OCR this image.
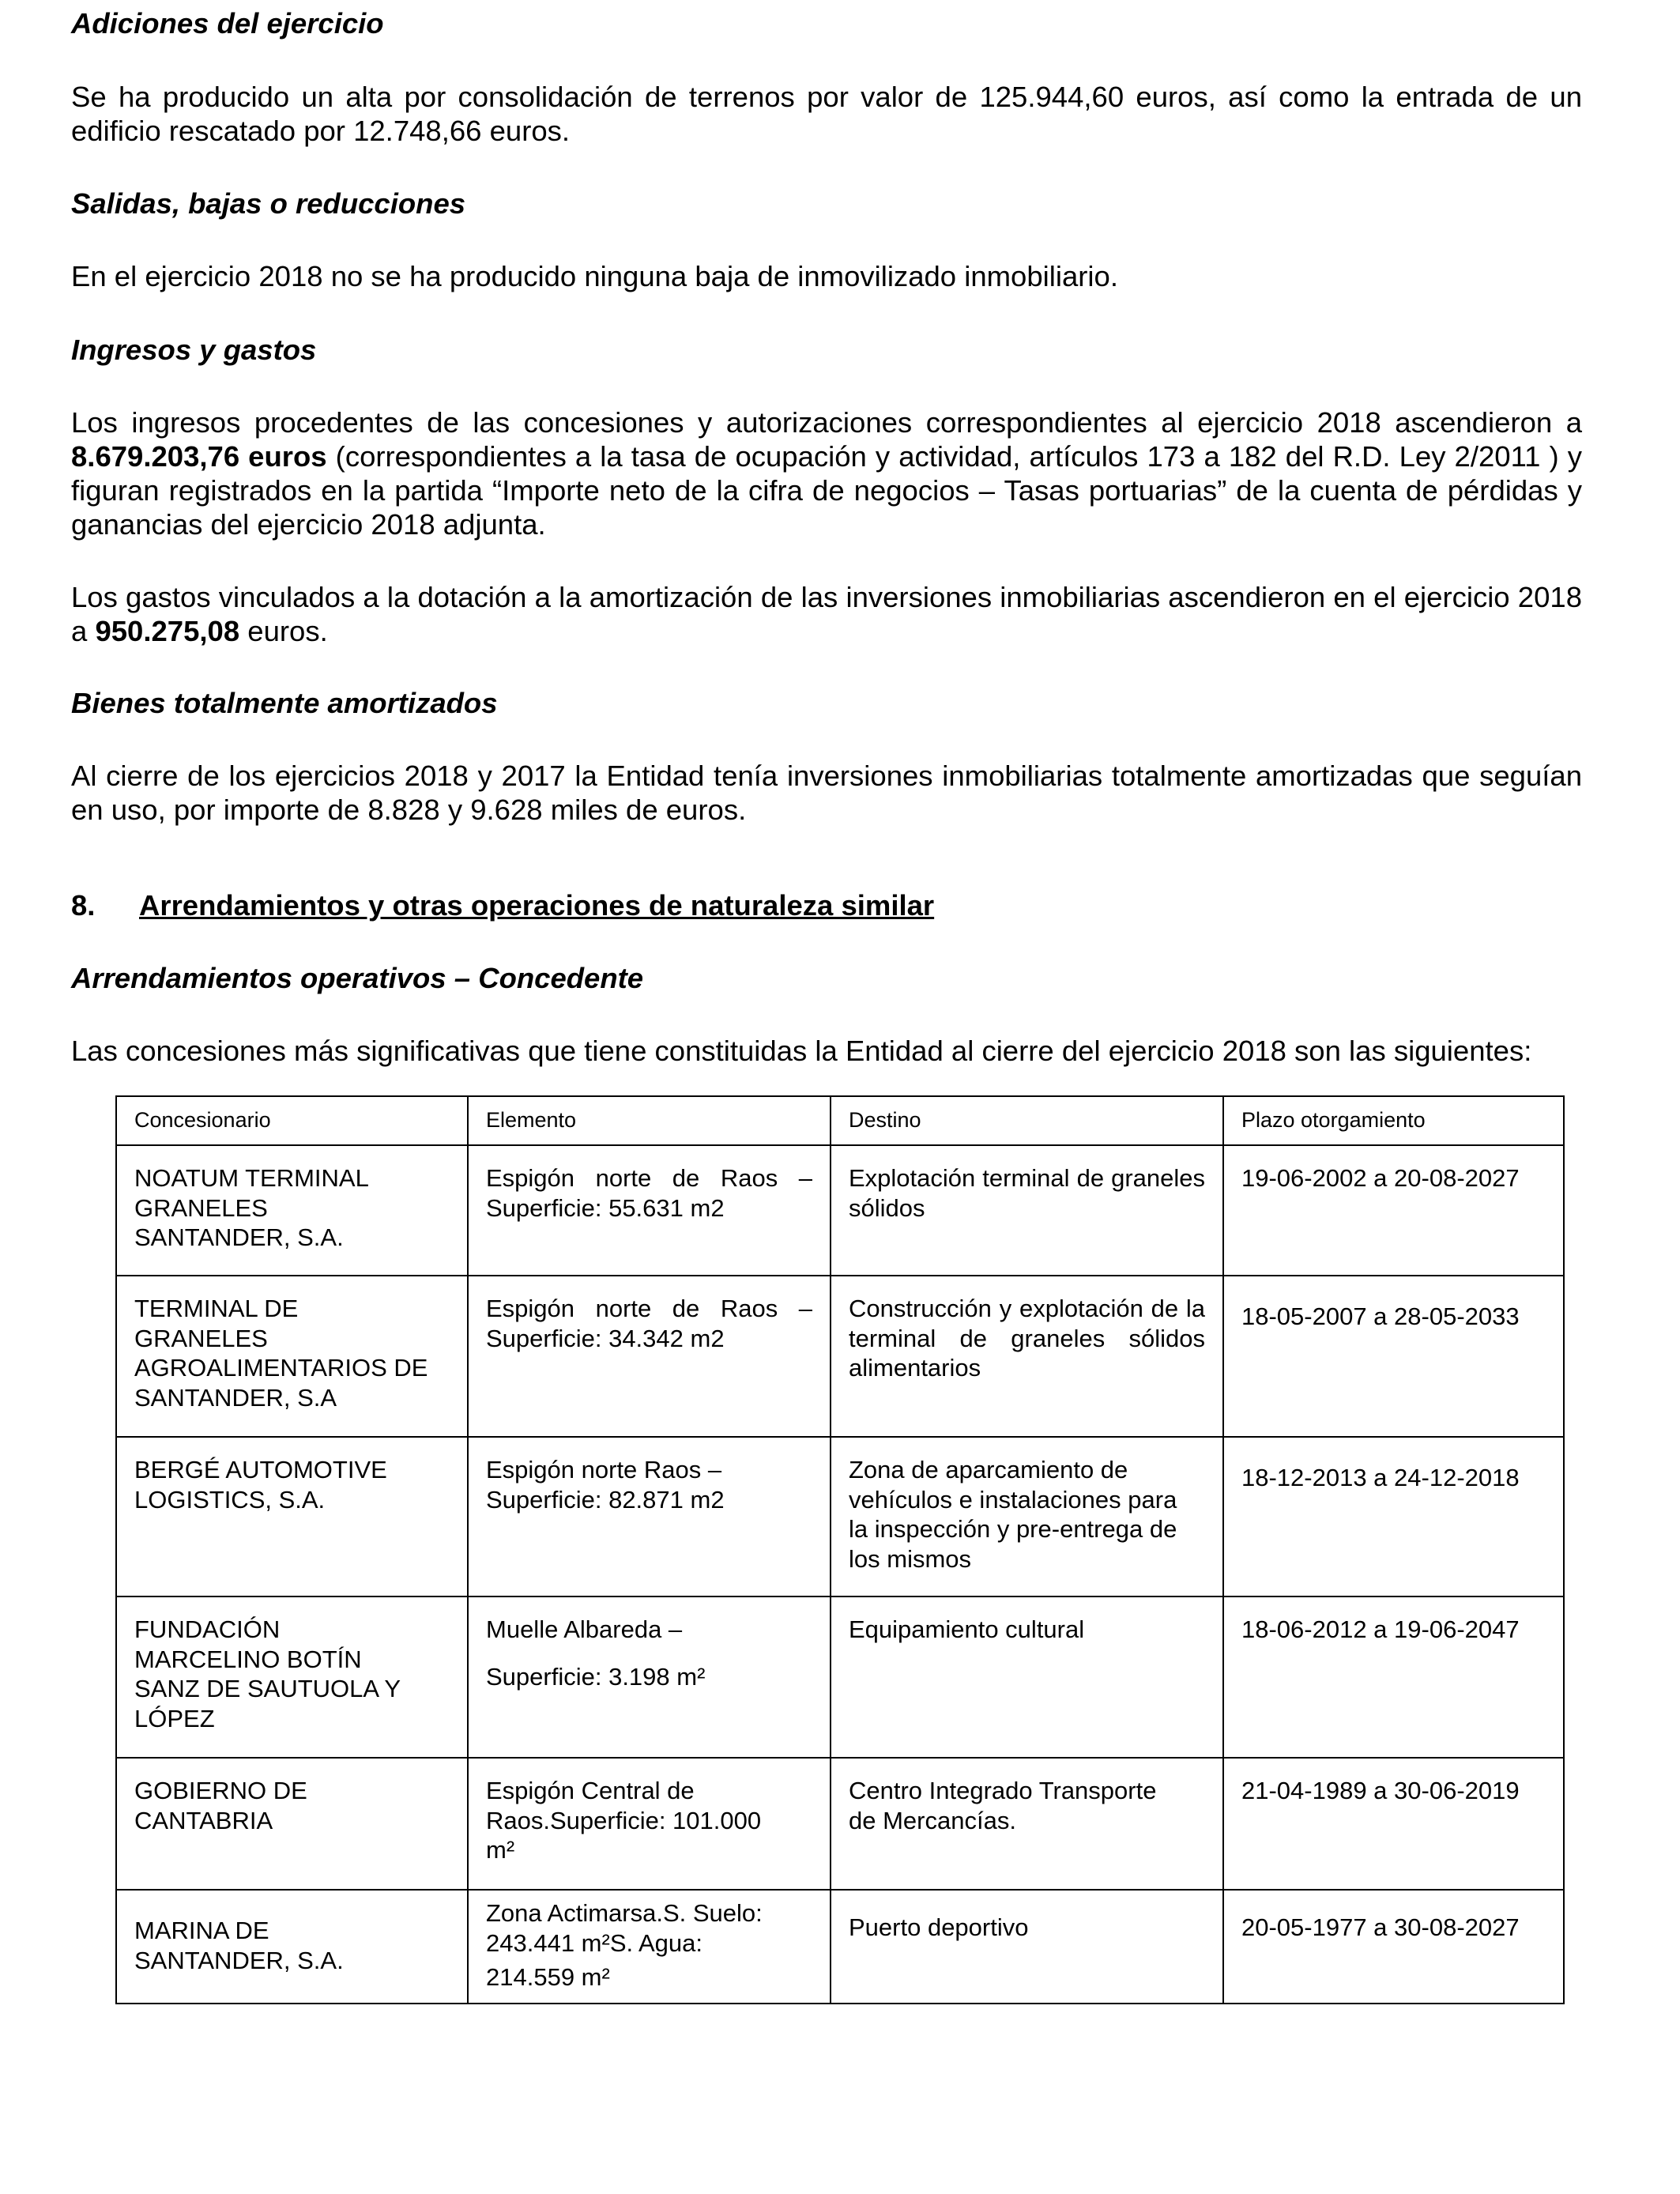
Adiciones del ejercicio

Se ha producido un alta por consolidación de terrenos por valor de 125.944,60 euros, así como la entrada de un edificio rescatado por 12.748,66 euros.

Salidas, bajas o reducciones

En el ejercicio 2018 no se ha producido ninguna baja de inmovilizado inmobiliario.

Ingresos y gastos

Los ingresos procedentes de las concesiones y autorizaciones correspondientes al ejercicio 2018 ascendieron a 8.679.203,76 euros (correspondientes a la tasa de ocupación y actividad, artículos 173 a 182 del R.D. Ley 2/2011 ) y figuran registrados en la partida “Importe neto de la cifra de negocios – Tasas portuarias” de la cuenta de pérdidas y ganancias del ejercicio 2018 adjunta.

Los gastos vinculados a la dotación a la amortización de las inversiones inmobiliarias ascendieron en el ejercicio 2018 a 950.275,08 euros.

Bienes totalmente amortizados

Al cierre de los ejercicios 2018 y 2017 la Entidad tenía inversiones inmobiliarias totalmente amortizadas que seguían en uso, por importe de 8.828 y 9.628 miles de euros.

8. Arrendamientos y otras operaciones de naturaleza similar

Arrendamientos operativos – Concedente

Las concesiones más significativas que tiene constituidas la Entidad al cierre del ejercicio 2018 son las siguientes:

Concesionario	Elemento	Destino	Plazo otorgamiento

NOATUM TERMINAL
GRANELES
SANTANDER, S.A.	Espigón norte de Raos – Superficie: 55.631 m2	Explotación terminal de graneles sólidos	19-06-2002 a 20-08-2027

TERMINAL DE
GRANELES
AGROALIMENTARIOS DE
SANTANDER, S.A	Espigón norte de Raos – Superficie: 34.342 m2	Construcción y explotación de la terminal de graneles sólidos alimentarios	18-05-2007 a 28-05-2033

BERGÉ AUTOMOTIVE
LOGISTICS, S.A.	Espigón norte Raos –
Superficie: 82.871 m2	Zona de aparcamiento de
vehículos e instalaciones para
la inspección y pre-entrega de
los mismos	18-12-2013 a 24-12-2018

FUNDACIÓN
MARCELINO BOTÍN
SANZ DE SAUTUOLA Y
LÓPEZ	Muelle Albareda –
Superficie: 3.198 m²	Equipamiento cultural	18-06-2012 a 19-06-2047

GOBIERNO DE
CANTABRIA	Espigón Central de
Raos.Superficie: 101.000
m²	Centro Integrado Transporte
de Mercancías.	21-04-1989 a 30-06-2019

MARINA DE
SANTANDER, S.A.	Zona Actimarsa.S. Suelo:
243.441 m²S. Agua:
214.559 m²	Puerto deportivo	20-05-1977 a 30-08-2027
